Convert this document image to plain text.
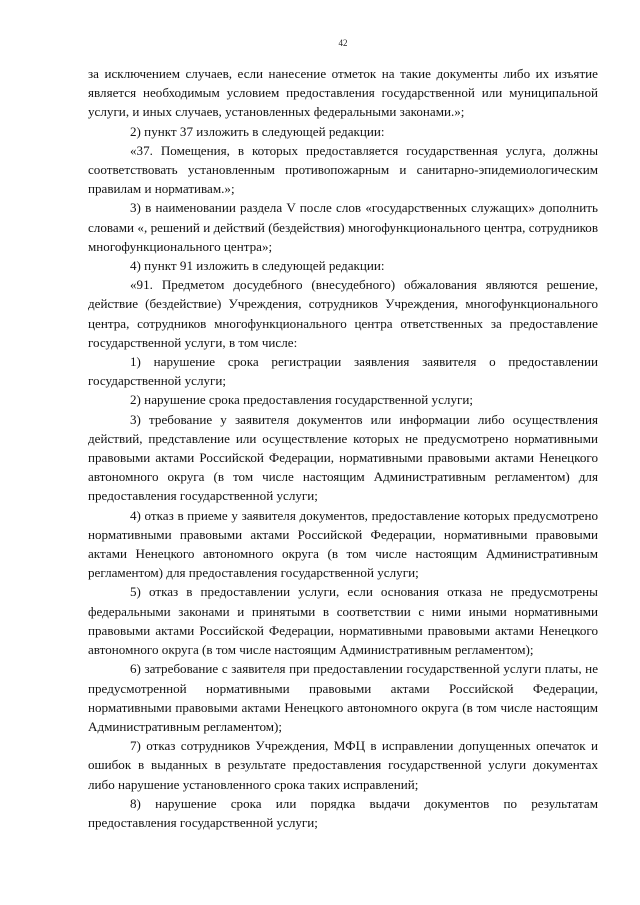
42

за исключением случаев, если нанесение отметок на такие документы либо их изъятие является необходимым условием предоставления государственной или муниципальной услуги, и иных случаев, установленных федеральными законами.»;

2) пункт 37 изложить в следующей редакции:

«37. Помещения, в которых предоставляется государственная услуга, должны соответствовать установленным противопожарным и санитарно-эпидемиологическим правилам и нормативам.»;

3) в наименовании раздела V после слов «государственных служащих» дополнить словами «, решений и действий (бездействия) многофункционального центра, сотрудников многофункционального центра»;

4) пункт 91 изложить в следующей редакции:

«91. Предметом досудебного (внесудебного) обжалования являются решение, действие (бездействие) Учреждения, сотрудников Учреждения, многофункционального центра, сотрудников многофункционального центра ответственных за предоставление государственной услуги, в том числе:

1) нарушение срока регистрации заявления заявителя о предоставлении государственной услуги;

2) нарушение срока предоставления государственной услуги;

3) требование у заявителя документов или информации либо осуществления действий, представление или осуществление которых не предусмотрено нормативными правовыми актами Российской Федерации, нормативными правовыми актами Ненецкого автономного округа (в том числе настоящим Административным регламентом) для предоставления государственной услуги;

4) отказ в приеме у заявителя документов, предоставление которых предусмотрено нормативными правовыми актами Российской Федерации, нормативными правовыми актами Ненецкого автономного округа (в том числе настоящим Административным регламентом) для предоставления государственной услуги;

5) отказ в предоставлении услуги, если основания отказа не предусмотрены федеральными законами и принятыми в соответствии с ними иными нормативными правовыми актами Российской Федерации, нормативными правовыми актами Ненецкого автономного округа (в том числе настоящим Административным регламентом);

6) затребование с заявителя при предоставлении государственной услуги платы, не предусмотренной нормативными правовыми актами Российской Федерации, нормативными правовыми актами Ненецкого автономного округа (в том числе настоящим Административным регламентом);

7) отказ сотрудников Учреждения, МФЦ в исправлении допущенных опечаток и ошибок в выданных в результате предоставления государственной услуги документах либо нарушение установленного срока таких исправлений;

8) нарушение срока или порядка выдачи документов по результатам предоставления государственной услуги;
